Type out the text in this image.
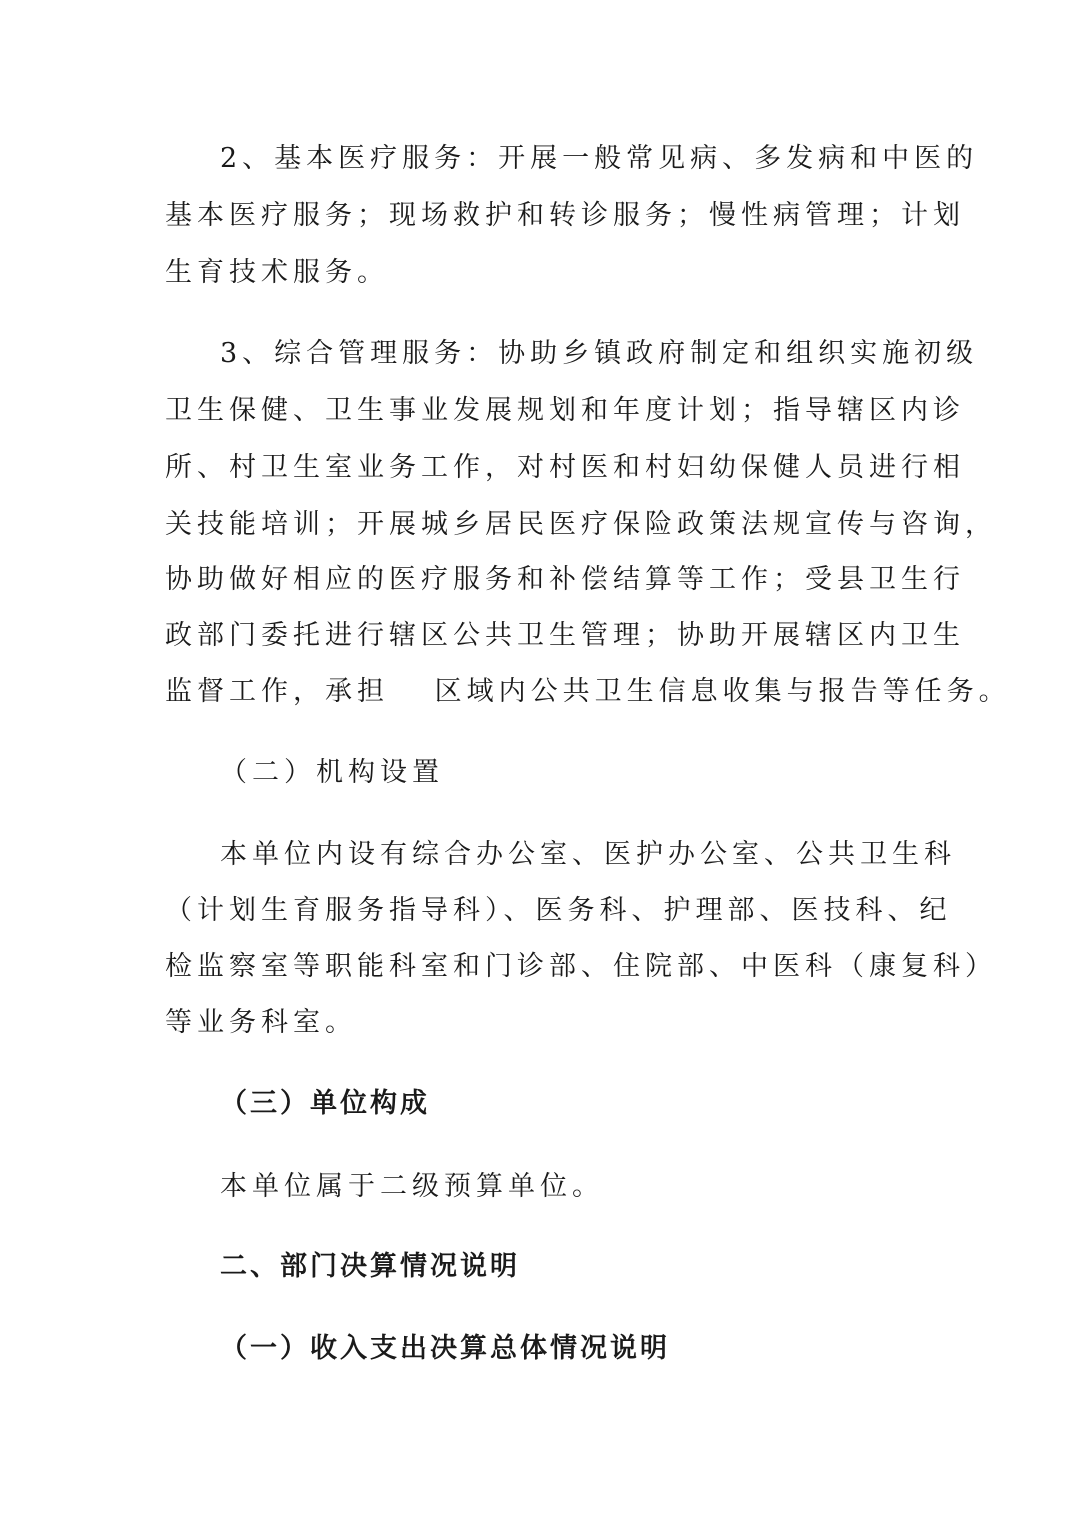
2、基本医疗服务：开展一般常见病、多发病和中医的
基本医疗服务；现场救护和转诊服务；慢性病管理；计划
生育技术服务。
3、综合管理服务：协助乡镇政府制定和组织实施初级
卫生保健、卫生事业发展规划和年度计划；指导辖区内诊
所、村卫生室业务工作，对村医和村妇幼保健人员进行相
关技能培训；开展城乡居民医疗保险政策法规宣传与咨询，
协助做好相应的医疗服务和补偿结算等工作；受县卫生行
政部门委托进行辖区公共卫生管理；协助开展辖区内卫生
监督工作，承担　 区域内公共卫生信息收集与报告等任务。
（二）机构设置
本单位内设有综合办公室、医护办公室、公共卫生科
（计划生育服务指导科）、医务科、护理部、医技科、纪
检监察室等职能科室和门诊部、住院部、中医科（康复科）
等业务科室。
（三）单位构成
本单位属于二级预算单位。
二、部门决算情况说明
（一）收入支出决算总体情况说明
